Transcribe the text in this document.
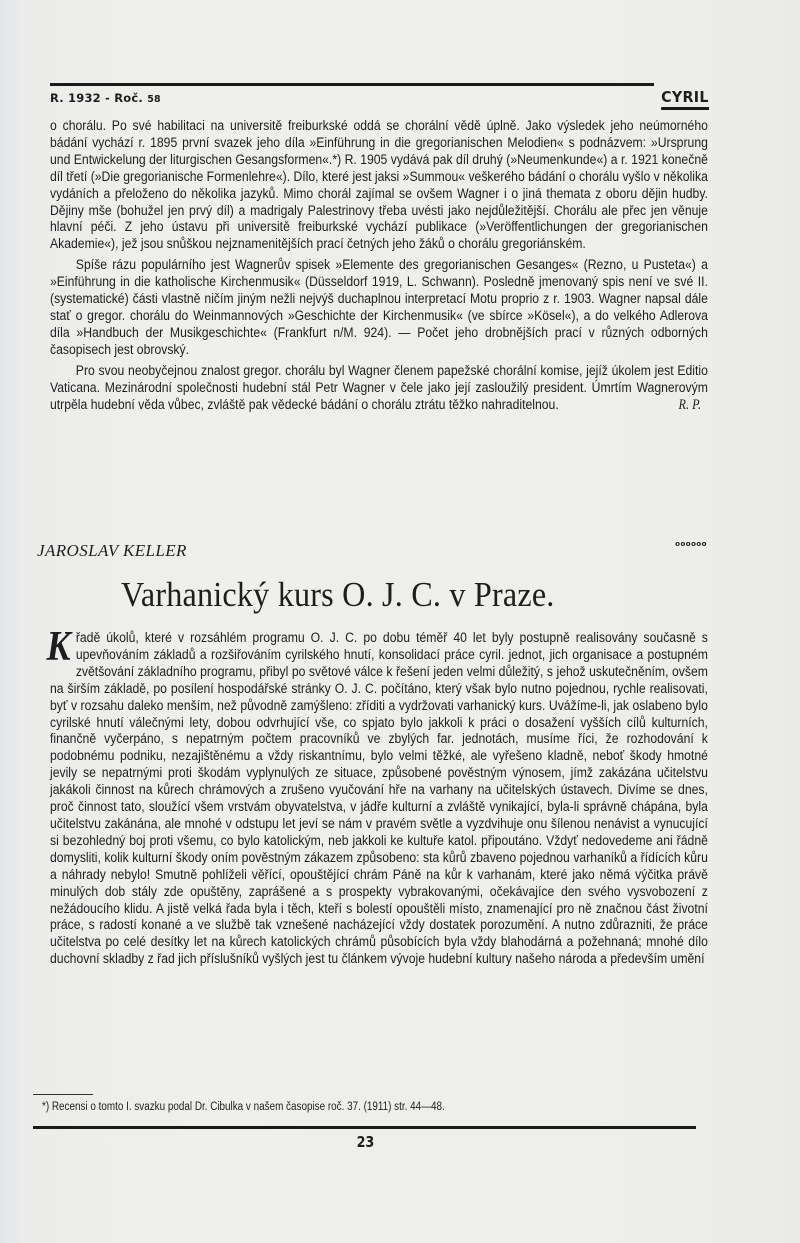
R. 1932 - Roč. 58	CYRIL

o chorálu. Po své habilitaci na universitě freiburkské oddá se chorální vědě úplně. Jako výsledek jeho neúmorného bádání vychází r. 1895 první svazek jeho díla »Einführung in die gregorianischen Melodien« s podnázvem: »Ursprung und Entwickelung der liturgischen Gesangsformen«.*) R. 1905 vydává pak díl druhý (»Neumenkunde«) a r. 1921 konečně díl třetí (»Die gregorianische Formenlehre«). Dílo, které jest jaksi »Summou« veškerého bádání o chorálu vyšlo v několika vydáních a přeloženo do několika jazyků. Mimo chorál zajímal se ovšem Wagner i o jiná themata z oboru dějin hudby. Dějiny mše (bohužel jen prvý díl) a madrigaly Palestrinovy třeba uvésti jako nejdůležitější. Chorálu ale přec jen věnuje hlavní péči. Z jeho ústavu při universitě freiburkské vychází publikace (»Veröffentlichungen der gregorianischen Akademie«), jež jsou snůškou nejznamenitějších prací četných jeho žáků o chorálu gregoriánském.

Spíše rázu populárního jest Wagnerův spisek »Elemente des gregorianischen Gesanges« (Rezno, u Pusteta«) a »Einführung in die katholische Kirchenmusik« (Düsseldorf 1919, L. Schwann). Posledně jmenovaný spis není ve své II. (systematické) části vlastně ničím jiným nežli nejvýš duchaplnou interpretací Motu proprio z r. 1903. Wagner napsal dále stať o gregor. chorálu do Weinmannových »Geschichte der Kirchenmusik« (ve sbírce »Kösel«), a do velkého Adlerova díla »Handbuch der Musikgeschichte« (Frankfurt n/M. 924). — Počet jeho drobnějších prací v různých odborných časopisech jest obrovský.

Pro svou neobyčejnou znalost gregor. chorálu byl Wagner členem papežské chorální komise, jejíž úkolem jest Editio Vaticana. Mezinárodní společnosti hudební stál Petr Wagner v čele jako její zasloužilý president. Úmrtím Wagnerovým utrpěla hudební věda vůbec, zvláště pak vědecké bádání o chorálu ztrátu těžko nahraditelnou.	R. P.

oooooo
JAROSLAV KELLER
Varhanický kurs O. J. C. v Praze.

K řadě úkolů, které v rozsáhlém programu O. J. C. po dobu téměř 40 let byly postupně realisovány současně s upevňováním základů a rozšiřováním cyrilského hnutí, konsolidací práce cyril. jednot, jich organisace a postupném zvětšování základního programu, přibyl po světové válce k řešení jeden velmi důležitý, s jehož uskutečněním, ovšem na širším základě, po posílení hospodářské stránky O. J. C. počítáno, který však bylo nutno pojednou, rychle realisovati, byť v rozsahu daleko menším, než původně zamýšleno: zříditi a vydržovati varhanický kurs. Uvážíme-li, jak oslabeno bylo cyrilské hnutí válečnými lety, dobou odvrhující vše, co spjato bylo jakkoli k práci o dosažení vyšších cílů kulturních, finančně vyčerpáno, s nepatrným počtem pracovníků ve zbylých far. jednotách, musíme říci, že rozhodování k podobnému podniku, nezajištěnému a vždy riskantnímu, bylo velmi těžké, ale vyřešeno kladně, neboť škody hmotné jevily se nepatrnými proti škodám vyplynulých ze situace, způsobené pověstným výnosem, jímž zakázána učitelstvu jakákoli činnost na kůrech chrámových a zrušeno vyučování hře na varhany na učitelských ústavech. Divíme se dnes, proč činnost tato, sloužící všem vrstvám obyvatelstva, v jádře kulturní a zvláště vynikající, byla-li správně chápána, byla učitelstvu zakánána, ale mnohé v odstupu let jeví se nám v pravém světle a vyzdvihuje onu šílenou nenávist a vynucující si bezohledný boj proti všemu, co bylo katolickým, neb jakkoli ke kultuře katol. připoutáno. Vždyť nedovedeme ani řádně domysliti, kolik kulturní škody oním pověstným zákazem způsobeno: sta kůrů zbaveno pojednou varhaníků a řídících kůru a náhrady nebylo! Smutně pohlíželi věřící, opouštějící chrám Páně na kůr k varhanám, které jako němá výčitka právě minulých dob stály zde opuštěny, zaprášené a s prospekty vybrakovanými, očekávajíce den svého vysvobození z nežádoucího klidu. A jistě velká řada byla i těch, kteří s bolestí opouštěli místo, znamenající pro ně značnou část životní práce, s radostí konané a ve službě tak vznešené nacházející vždy dostatek porozumění. A nutno zdůrazniti, že práce učitelstva po celé desítky let na kůrech katolických chrámů působících byla vždy blahodárná a požehnaná; mnohé dílo duchovní skladby z řad jich příslušníků vyšlých jest tu článkem vývoje hudební kultury našeho národa a především umění

*) Recensi o tomto I. svazku podal Dr. Cibulka v našem časopise roč. 37. (1911) str. 44—48.
23
